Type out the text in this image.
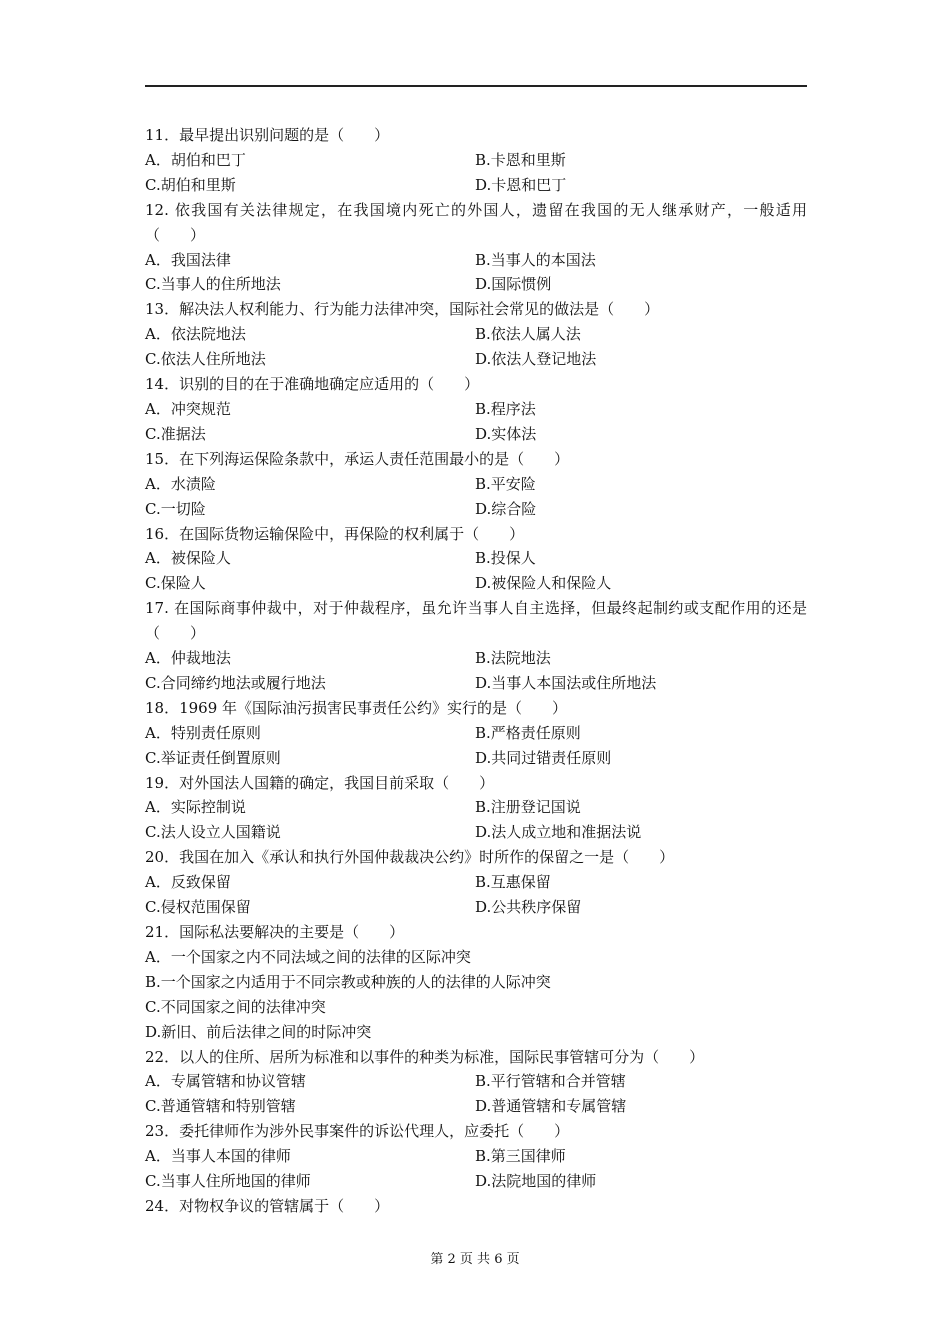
11．最早提出识别问题的是（　　）
A．胡伯和巴丁	B.卡恩和里斯
C.胡伯和里斯	D.卡恩和巴丁
12. 依我国有关法律规定，在我国境内死亡的外国人，遗留在我国的无人继承财产，一般适用（　　）
A．我国法律	B.当事人的本国法
C.当事人的住所地法	D.国际惯例
13．解决法人权利能力、行为能力法律冲突，国际社会常见的做法是（　　）
A．依法院地法	B.依法人属人法
C.依法人住所地法	D.依法人登记地法
14．识别的目的在于准确地确定应适用的（　　）
A．冲突规范	B.程序法
C.准据法	D.实体法
15．在下列海运保险条款中，承运人责任范围最小的是（　　）
A．水渍险	B.平安险
C.一切险	D.综合险
16．在国际货物运输保险中，再保险的权利属于（　　）
A．被保险人	B.投保人
C.保险人	D.被保险人和保险人
17. 在国际商事仲裁中，对于仲裁程序，虽允许当事人自主选择，但最终起制约或支配作用的还是（　　）
A．仲裁地法	B.法院地法
C.合同缔约地法或履行地法	D.当事人本国法或住所地法
18．1969 年《国际油污损害民事责任公约》实行的是（　　）
A．特别责任原则	B.严格责任原则
C.举证责任倒置原则	D.共同过错责任原则
19．对外国法人国籍的确定，我国目前采取（　　）
A．实际控制说	B.注册登记国说
C.法人设立人国籍说	D.法人成立地和准据法说
20．我国在加入《承认和执行外国仲裁裁决公约》时所作的保留之一是（　　）
A．反致保留	B.互惠保留
C.侵权范围保留	D.公共秩序保留
21．国际私法要解决的主要是（　　）
A．一个国家之内不同法域之间的法律的区际冲突
B.一个国家之内适用于不同宗教或种族的人的法律的人际冲突
C.不同国家之间的法律冲突
D.新旧、前后法律之间的时际冲突
22．以人的住所、居所为标准和以事件的种类为标准，国际民事管辖可分为（　　）
A．专属管辖和协议管辖	B.平行管辖和合并管辖
C.普通管辖和特别管辖	D.普通管辖和专属管辖
23．委托律师作为涉外民事案件的诉讼代理人，应委托（　　）
A．当事人本国的律师	B.第三国律师
C.当事人住所地国的律师	D.法院地国的律师
24．对物权争议的管辖属于（　　）
第 2 页 共 6 页
